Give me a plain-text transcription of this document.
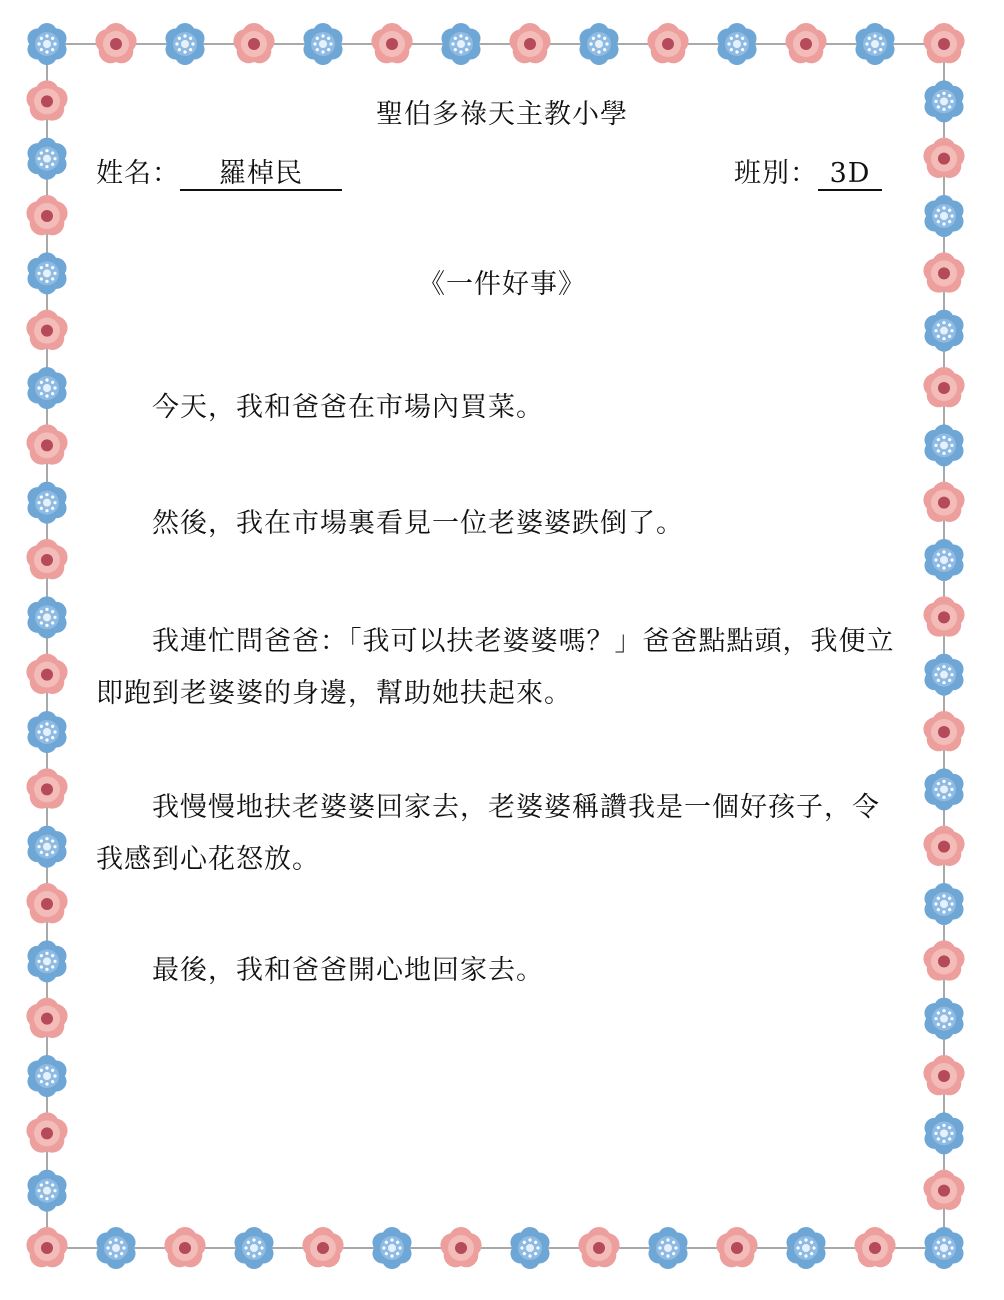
聖伯多祿天主教小學
姓名： 羅棹民	班別： 3D
《一件好事》

今天，我和爸爸在市場內買菜。

然後，我在市場裏看見一位老婆婆跌倒了。

我連忙問爸爸：「我可以扶老婆婆嗎？」爸爸點點頭，我便立即跑到老婆婆的身邊，幫助她扶起來。

我慢慢地扶老婆婆回家去，老婆婆稱讚我是一個好孩子，令我感到心花怒放。

最後，我和爸爸開心地回家去。
